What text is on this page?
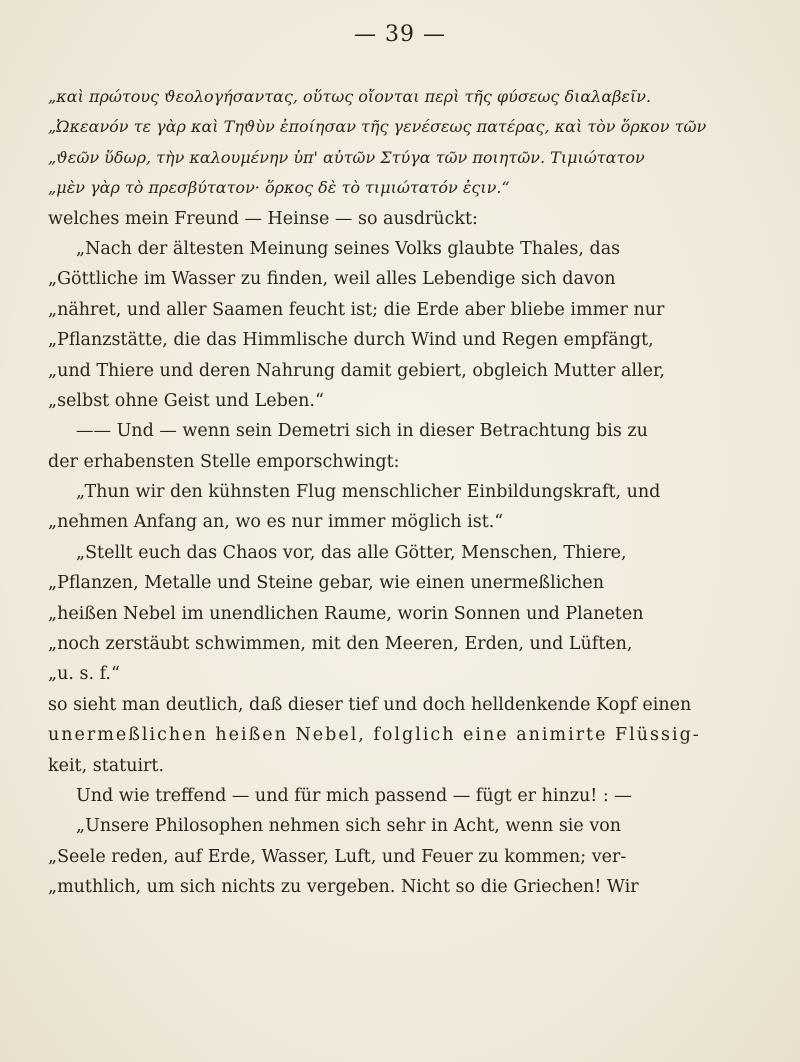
— 39 —
„καὶ πρώτους ϑεολογήσαντας, οὕτως οἴονται περὶ τῆς φύσεως διαλαβεῖν.
„Ὠκεανόν τε γὰρ καὶ Τηϑὺν ἐποίησαν τῆς γενέσεως πατέρας, καὶ τὸν ὅρκον τῶν
„ϑεῶν ὕδωρ, τὴν καλουμένην ὑπ' αὐτῶν Στύγα τῶν ποιητῶν. Τιμιώτατον
„μὲν γὰρ τὸ πρεσβύτατον· ὅρκος δὲ τὸ τιμιώτατόν ἐςιν.“
welches mein Freund — Heinse — so ausdrückt:
„Nach der ältesten Meinung seines Volks glaubte Thales, das
„Göttliche im Wasser zu finden, weil alles Lebendige sich davon
„nähret, und aller Saamen feucht ist; die Erde aber bliebe immer nur
„Pflanzstätte, die das Himmlische durch Wind und Regen empfängt,
„und Thiere und deren Nahrung damit gebiert, obgleich Mutter aller,
„selbst ohne Geist und Leben.“
—— Und — wenn sein Demetri sich in dieser Betrachtung bis zu
der erhabensten Stelle emporschwingt:
„Thun wir den kühnsten Flug menschlicher Einbildungskraft, und
„nehmen Anfang an, wo es nur immer möglich ist.“
„Stellt euch das Chaos vor, das alle Götter, Menschen, Thiere,
„Pflanzen, Metalle und Steine gebar, wie einen unermeßlichen
„heißen Nebel im unendlichen Raume, worin Sonnen und Planeten
„noch zerstäubt schwimmen, mit den Meeren, Erden, und Lüften,
„u. s. f.“
so sieht man deutlich, daß dieser tief und doch helldenkende Kopf einen
unermeßlichen heißen Nebel, folglich eine animirte Flüssig-
keit, statuirt.
Und wie treffend — und für mich passend — fügt er hinzu! : —
„Unsere Philosophen nehmen sich sehr in Acht, wenn sie von
„Seele reden, auf Erde, Wasser, Luft, und Feuer zu kommen; ver-
„muthlich, um sich nichts zu vergeben. Nicht so die Griechen! Wir
